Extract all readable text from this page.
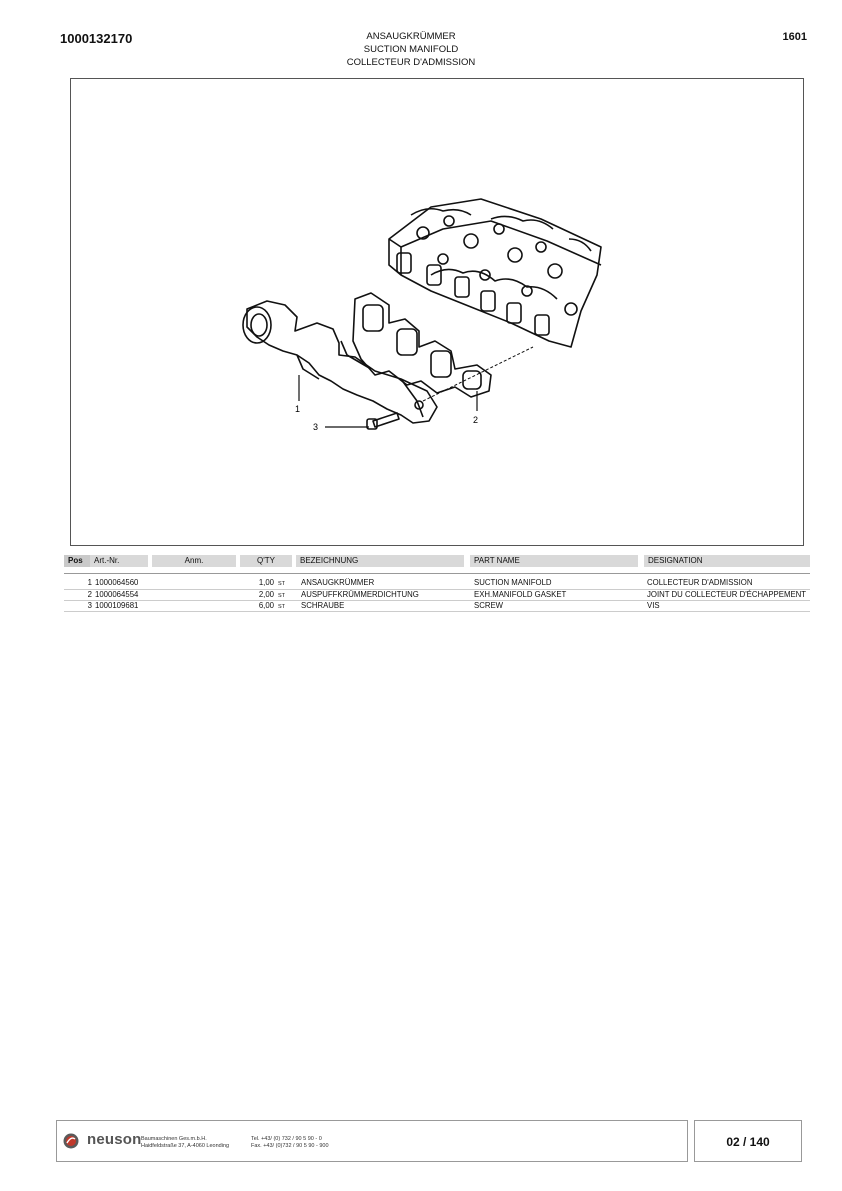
1000132170	ANSAUGKRÜMMER
SUCTION MANIFOLD
COLLECTEUR D'ADMISSION
1601
1
2
3
Pos	Art.-Nr.	Anm.	Q'TY	BEZEICHNUNG	PART NAME	DESIGNATION
1 1000064560	1,00 ST ANSAUGKRÜMMER	SUCTION MANIFOLD	COLLECTEUR D'ADMISSION
2 1000064554	2,00 ST AUSPUFFKRÜMMERDICHTUNG	EXH.MANIFOLD GASKET	JOINT DU COLLECTEUR D'ÉCHAPPEMENT
3 1000109681	6,00 ST SCHRAUBE	SCREW	VIS
neuson Baumaschinen Ges.m.b.H.
Haidfeldstraße 37, A-4060 Leonding
Tel. +43/ (0) 732 / 90 5 90 - 0
Fax. +43/ (0)732 / 90 5 90 - 900	02 / 140
